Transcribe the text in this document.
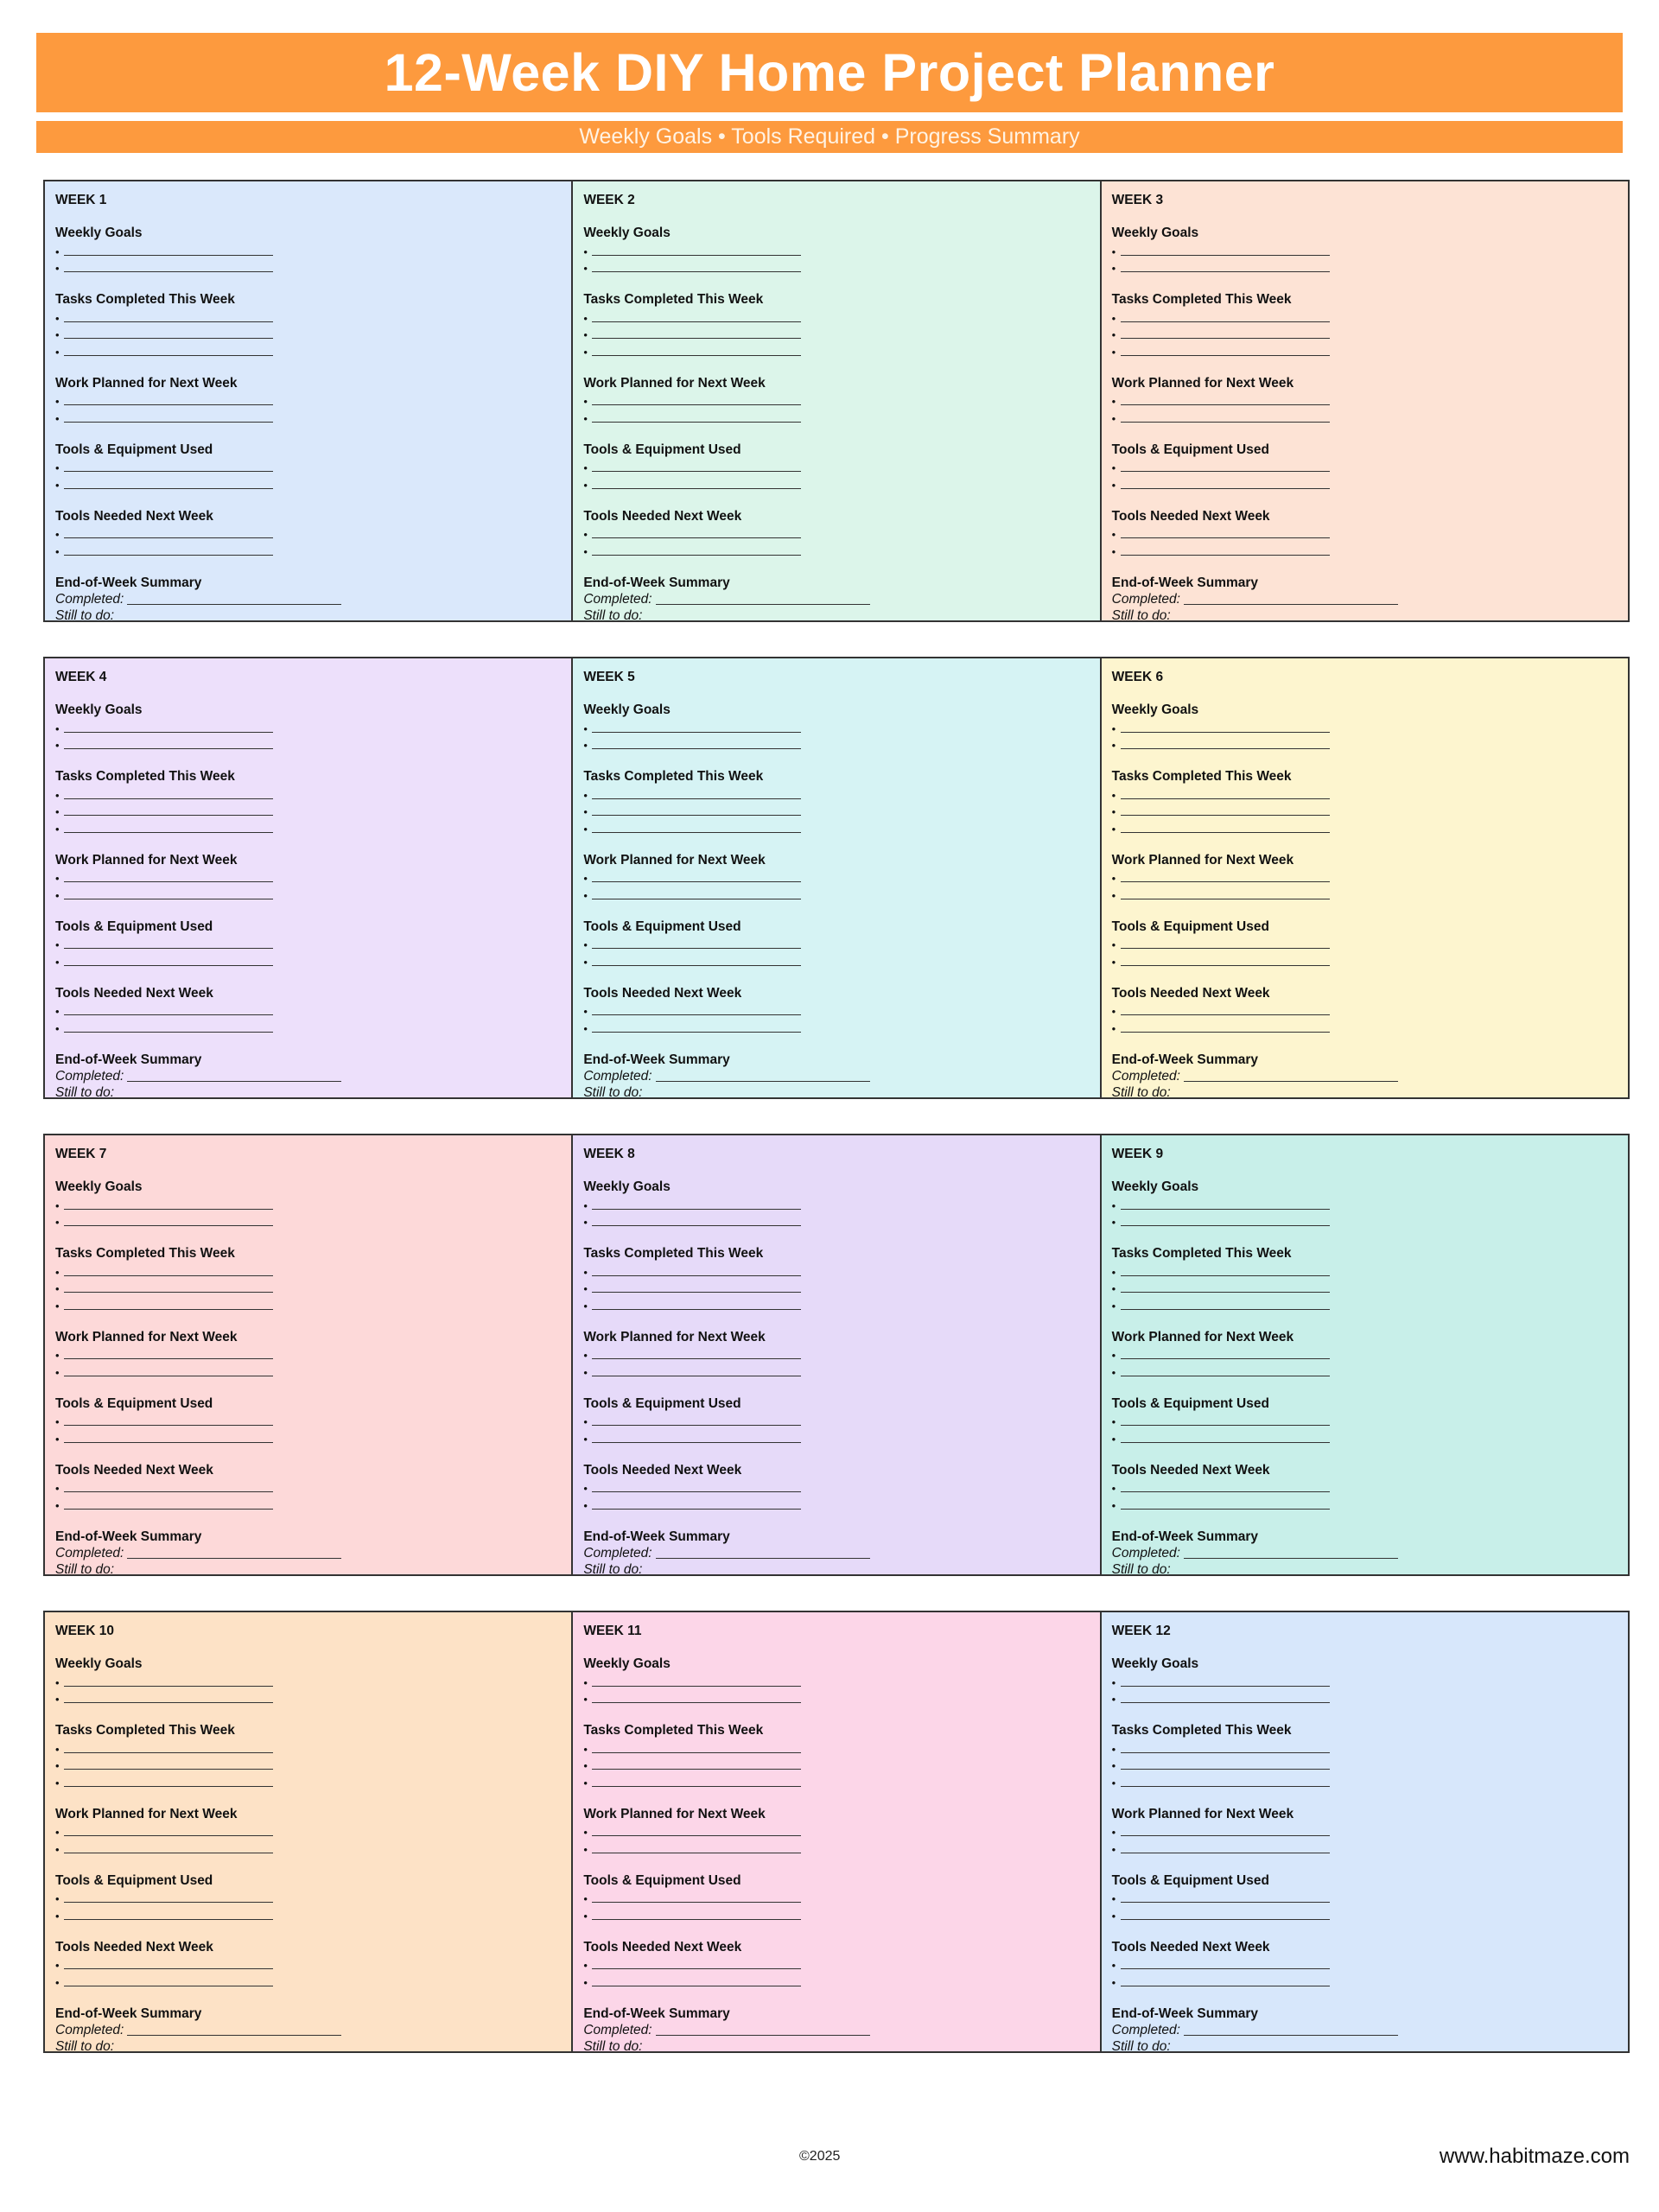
12-Week DIY Home Project Planner
Weekly Goals • Tools Required • Progress Summary
WEEK 1
Weekly Goals
•
•
Tasks Completed This Week
•
•
•
Work Planned for Next Week
•
•
Tools & Equipment Used
•
•
Tools Needed Next Week
•
•
End-of-Week Summary
Completed:
Still to do:
WEEK 2
Weekly Goals
•
•
Tasks Completed This Week
•
•
•
Work Planned for Next Week
•
•
Tools & Equipment Used
•
•
Tools Needed Next Week
•
•
End-of-Week Summary
Completed:
Still to do:
WEEK 3
Weekly Goals
•
•
Tasks Completed This Week
•
•
•
Work Planned for Next Week
•
•
Tools & Equipment Used
•
•
Tools Needed Next Week
•
•
End-of-Week Summary
Completed:
Still to do:
WEEK 4
Weekly Goals
•
•
Tasks Completed This Week
•
•
•
Work Planned for Next Week
•
•
Tools & Equipment Used
•
•
Tools Needed Next Week
•
•
End-of-Week Summary
Completed:
Still to do:
WEEK 5
Weekly Goals
•
•
Tasks Completed This Week
•
•
•
Work Planned for Next Week
•
•
Tools & Equipment Used
•
•
Tools Needed Next Week
•
•
End-of-Week Summary
Completed:
Still to do:
WEEK 6
Weekly Goals
•
•
Tasks Completed This Week
•
•
•
Work Planned for Next Week
•
•
Tools & Equipment Used
•
•
Tools Needed Next Week
•
•
End-of-Week Summary
Completed:
Still to do:
WEEK 7
Weekly Goals
•
•
Tasks Completed This Week
•
•
•
Work Planned for Next Week
•
•
Tools & Equipment Used
•
•
Tools Needed Next Week
•
•
End-of-Week Summary
Completed:
Still to do:
WEEK 8
Weekly Goals
•
•
Tasks Completed This Week
•
•
•
Work Planned for Next Week
•
•
Tools & Equipment Used
•
•
Tools Needed Next Week
•
•
End-of-Week Summary
Completed:
Still to do:
WEEK 9
Weekly Goals
•
•
Tasks Completed This Week
•
•
•
Work Planned for Next Week
•
•
Tools & Equipment Used
•
•
Tools Needed Next Week
•
•
End-of-Week Summary
Completed:
Still to do:
WEEK 10
Weekly Goals
•
•
Tasks Completed This Week
•
•
•
Work Planned for Next Week
•
•
Tools & Equipment Used
•
•
Tools Needed Next Week
•
•
End-of-Week Summary
Completed:
Still to do:
WEEK 11
Weekly Goals
•
•
Tasks Completed This Week
•
•
•
Work Planned for Next Week
•
•
Tools & Equipment Used
•
•
Tools Needed Next Week
•
•
End-of-Week Summary
Completed:
Still to do:
WEEK 12
Weekly Goals
•
•
Tasks Completed This Week
•
•
•
Work Planned for Next Week
•
•
Tools & Equipment Used
•
•
Tools Needed Next Week
•
•
End-of-Week Summary
Completed:
Still to do:
©2025	www.habitmaze.com
